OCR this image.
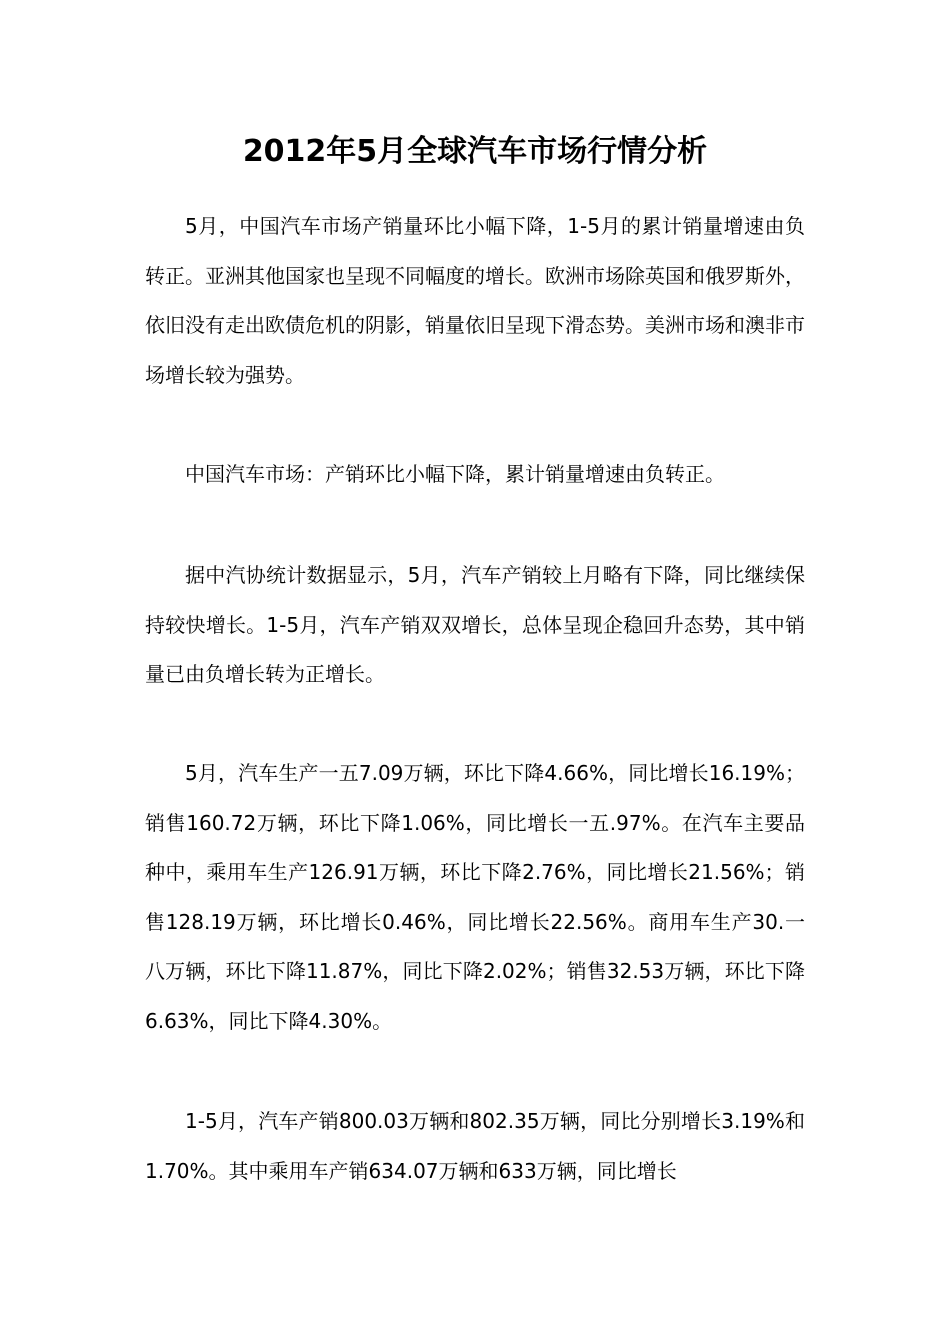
2012年5月全球汽车市场行情分析

5月，中国汽车市场产销量环比小幅下降，1-5月的累计销量增速由负转正。亚洲其他国家也呈现不同幅度的增长。欧洲市场除英国和俄罗斯外，依旧没有走出欧债危机的阴影，销量依旧呈现下滑态势。美洲市场和澳非市场增长较为强势。

中国汽车市场：产销环比小幅下降，累计销量增速由负转正。

据中汽协统计数据显示，5月，汽车产销较上月略有下降，同比继续保持较快增长。1-5月，汽车产销双双增长，总体呈现企稳回升态势，其中销量已由负增长转为正增长。

5月，汽车生产一五7.09万辆，环比下降4.66%，同比增长16.19%；销售160.72万辆，环比下降1.06%，同比增长一五.97%。在汽车主要品种中，乘用车生产126.91万辆，环比下降2.76%，同比增长21.56%；销售128.19万辆，环比增长0.46%，同比增长22.56%。商用车生产30.一八万辆，环比下降11.87%，同比下降2.02%；销售32.53万辆，环比下降6.63%，同比下降4.30%。

1-5月，汽车产销800.03万辆和802.35万辆，同比分别增长3.19%和1.70%。其中乘用车产销634.07万辆和633万辆，同比增长
